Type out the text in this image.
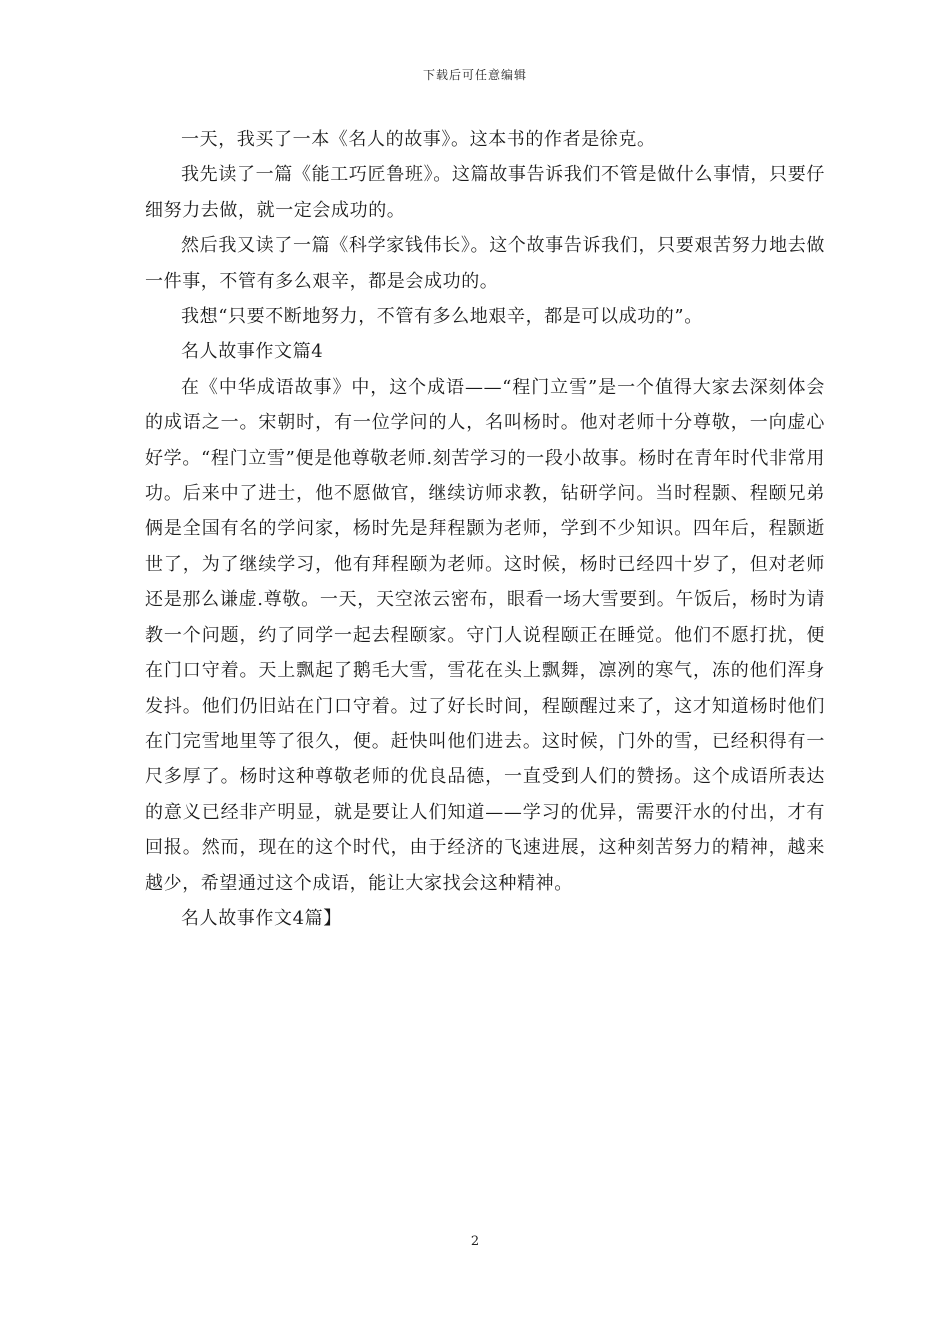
下载后可任意编辑

一天，我买了一本《名人的故事》。这本书的作者是徐克。

我先读了一篇《能工巧匠鲁班》。这篇故事告诉我们不管是做什么事情，只要仔细努力去做，就一定会成功的。

然后我又读了一篇《科学家钱伟长》。这个故事告诉我们，只要艰苦努力地去做一件事，不管有多么艰辛，都是会成功的。

我想“只要不断地努力，不管有多么地艰辛，都是可以成功的”。

名人故事作文篇4

在《中华成语故事》中，这个成语——“程门立雪”是一个值得大家去深刻体会的成语之一。宋朝时，有一位学问的人，名叫杨时。他对老师十分尊敬，一向虚心好学。“程门立雪”便是他尊敬老师.刻苦学习的一段小故事。杨时在青年时代非常用功。后来中了进士，他不愿做官，继续访师求教，钻研学问。当时程颢、程颐兄弟俩是全国有名的学问家，杨时先是拜程颢为老师，学到不少知识。四年后，程颢逝世了，为了继续学习，他有拜程颐为老师。这时候，杨时已经四十岁了，但对老师还是那么谦虚.尊敬。一天，天空浓云密布，眼看一场大雪要到。午饭后，杨时为请教一个问题，约了同学一起去程颐家。守门人说程颐正在睡觉。他们不愿打扰，便在门口守着。天上飘起了鹅毛大雪，雪花在头上飘舞，凛冽的寒气，冻的他们浑身发抖。他们仍旧站在门口守着。过了好长时间，程颐醒过来了，这才知道杨时他们在门完雪地里等了很久，便。赶快叫他们进去。这时候，门外的雪，已经积得有一尺多厚了。杨时这种尊敬老师的优良品德，一直受到人们的赞扬。这个成语所表达的意义已经非产明显，就是要让人们知道——学习的优异，需要汗水的付出，才有回报。然而，现在的这个时代，由于经济的飞速进展，这种刻苦努力的精神，越来越少，希望通过这个成语，能让大家找会这种精神。

名人故事作文4篇】

2
